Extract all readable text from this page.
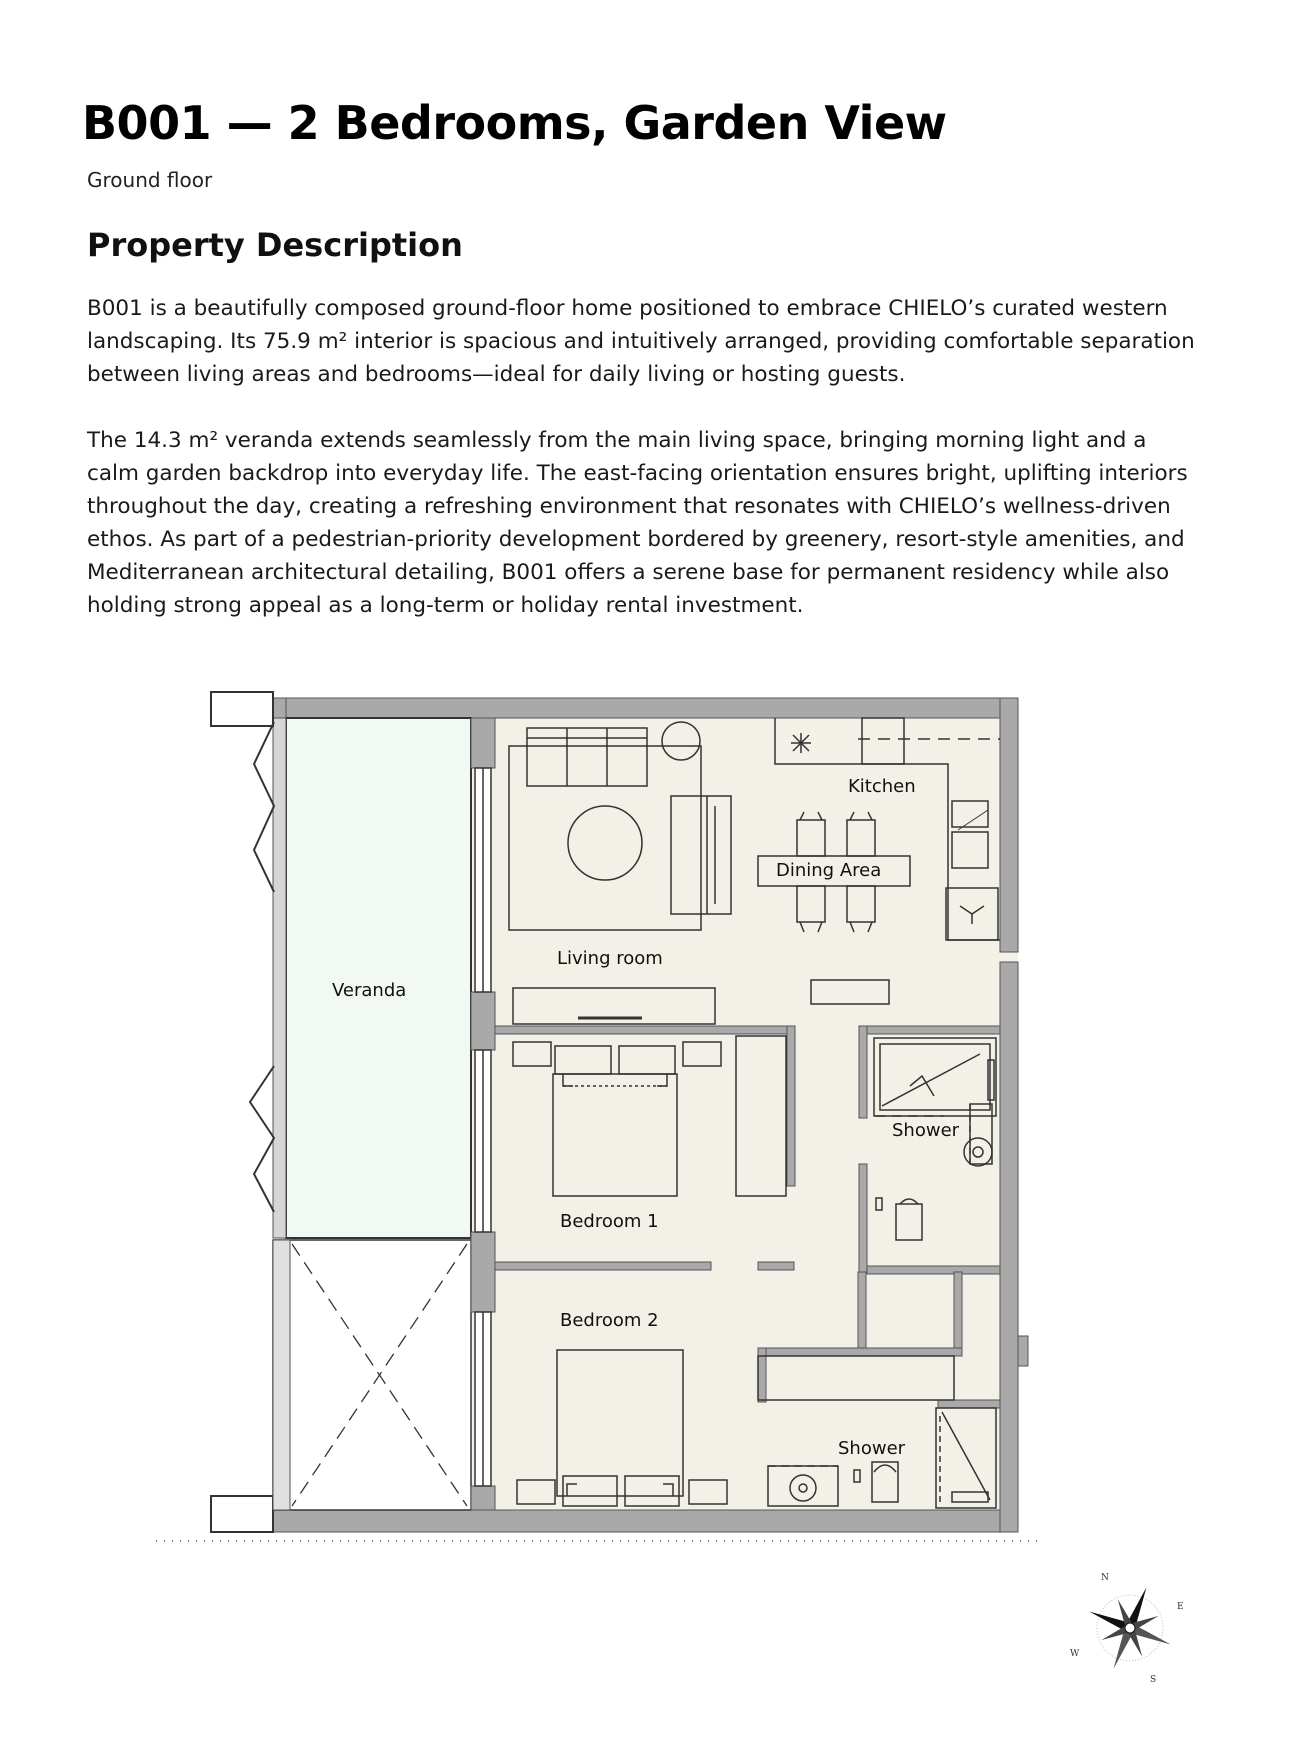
B001 — 2 Bedrooms, Garden View
Ground floor
Property Description

B001 is a beautifully composed ground-floor home positioned to embrace CHIELO’s curated western landscaping. Its 75.9 m² interior is spacious and intuitively arranged, providing comfortable separation between living areas and bedrooms—ideal for daily living or hosting guests.

The 14.3 m² veranda extends seamlessly from the main living space, bringing morning light and a calm garden backdrop into everyday life. The east-facing orientation ensures bright, uplifting interiors throughout the day, creating a refreshing environment that resonates with CHIELO’s wellness-driven ethos. As part of a pedestrian-priority development bordered by greenery, resort-style amenities, and Mediterranean architectural detailing, B001 offers a serene base for permanent residency while also holding strong appeal as a long-term or holiday rental investment.

Veranda
Living room
Kitchen
Dining Area
Bedroom 1
Bedroom 2
Shower
Shower
N
E
S
W
